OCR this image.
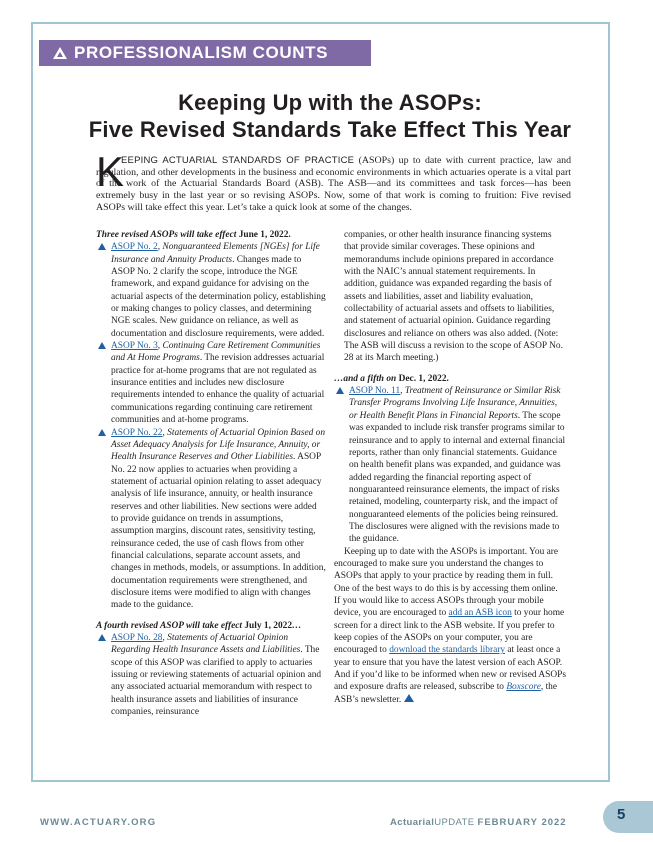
PROFESSIONALISM COUNTS
Keeping Up with the ASOPs:
Five Revised Standards Take Effect This Year
K
EEPING ACTUARIAL STANDARDS OF PRACTICE (ASOPs) up to date with current practice, law and regulation, and other developments in the business and economic environments in which actuaries operate is a vital part of the work of the Actuarial Standards Board (ASB). The ASB—and its committees and task forces—has been extremely busy in the last year or so revising ASOPs. Now, some of that work is coming to fruition: Five revised ASOPs will take effect this year. Let’s take a quick look at some of the changes.

Three revised ASOPs will take effect June 1, 2022.

ASOP No. 2, Nonguaranteed Elements [NGEs] for Life Insurance and Annuity Products. Changes made to ASOP No. 2 clarify the scope, introduce the NGE framework, and expand guidance for advising on the actuarial aspects of the determination policy, establishing or making changes to policy classes, and determining NGE scales. New guidance on reliance, as well as documentation and disclosure requirements, were added.

ASOP No. 3, Continuing Care Retirement Communities and At Home Programs. The revision addresses actuarial practice for at-home programs that are not regulated as insurance entities and includes new disclosure requirements intended to enhance the quality of actuarial communications regarding continuing care retirement communities and at-home programs.

ASOP No. 22, Statements of Actuarial Opinion Based on Asset Adequacy Analysis for Life Insurance, Annuity, or Health Insurance Reserves and Other Liabilities. ASOP No. 22 now applies to actuaries when providing a statement of actuarial opinion relating to asset adequacy analysis of life insurance, annuity, or health insurance reserves and other liabilities. New sections were added to provide guidance on trends in assumptions, assumption margins, discount rates, sensitivity testing, reinsurance ceded, the use of cash flows from other financial calculations, separate account assets, and changes in methods, models, or assumptions. In addition, documentation requirements were strengthened, and disclosure items were modified to align with changes made to the guidance.

A fourth revised ASOP will take effect July 1, 2022…

ASOP No. 28, Statements of Actuarial Opinion Regarding Health Insurance Assets and Liabilities. The scope of this ASOP was clarified to apply to actuaries issuing or reviewing statements of actuarial opinion and any associated actuarial memorandum with respect to health insurance assets and liabilities of insurance companies, reinsurance

companies, or other health insurance financing systems that provide similar coverages. These opinions and memorandums include opinions prepared in accordance with the NAIC’s annual statement requirements. In addition, guidance was expanded regarding the basis of assets and liabilities, asset and liability evaluation, collectability of actuarial assets and offsets to liabilities, and statement of actuarial opinion. Guidance regarding disclosures and reliance on others was also added. (Note: The ASB will discuss a revision to the scope of ASOP No. 28 at its March meeting.)

…and a fifth on Dec. 1, 2022.

ASOP No. 11, Treatment of Reinsurance or Similar Risk Transfer Programs Involving Life Insurance, Annuities, or Health Benefit Plans in Financial Reports. The scope was expanded to include risk transfer programs similar to reinsurance and to apply to internal and external financial reports, rather than only financial statements. Guidance on health benefit plans was expanded, and guidance was added regarding the financial reporting aspect of nonguaranteed reinsurance elements, the impact of risks retained, modeling, counterparty risk, and the impact of nonguaranteed elements of the policies being reinsured. The disclosures were aligned with the revisions made to the guidance.

Keeping up to date with the ASOPs is important. You are encouraged to make sure you understand the changes to ASOPs that apply to your practice by reading them in full. One of the best ways to do this is by accessing them online. If you would like to access ASOPs through your mobile device, you are encouraged to add an ASB icon to your home screen for a direct link to the ASB website. If you prefer to keep copies of the ASOPs on your computer, you are encouraged to download the standards library at least once a year to ensure that you have the latest version of each ASOP. And if you’d like to be informed when new or revised ASOPs and exposure drafts are released, subscribe to Boxscore, the ASB’s newsletter.

WWW.ACTUARY.ORG	ActuarialUPDATE FEBRUARY 2022	5
